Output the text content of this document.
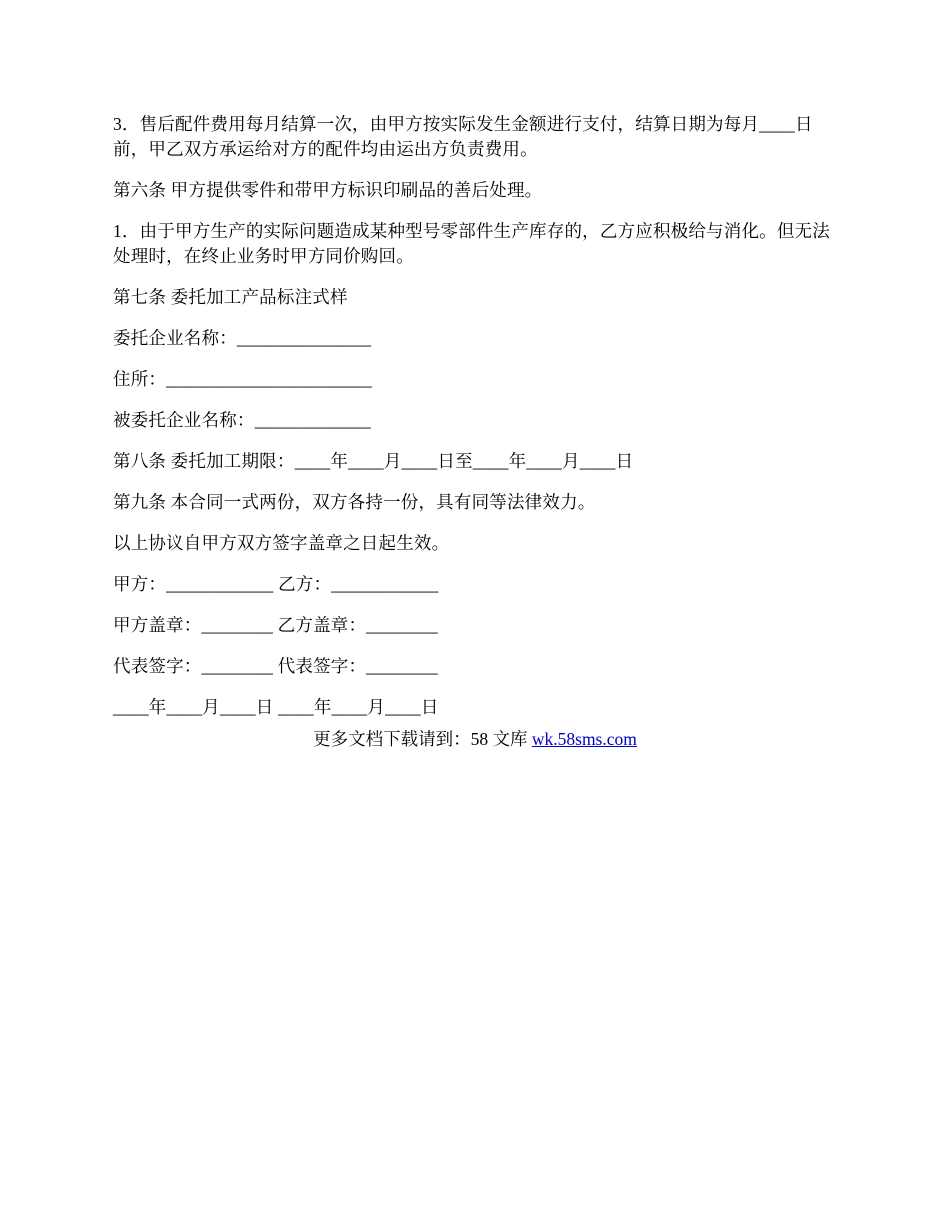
3．售后配件费用每月结算一次，由甲方按实际发生金额进行支付，结算日期为每月____日前，甲乙双方承运给对方的配件均由运出方负责费用。

第六条 甲方提供零件和带甲方标识印刷品的善后处理。

1．由于甲方生产的实际问题造成某种型号零部件生产库存的，乙方应积极给与消化。但无法处理时，在终止业务时甲方同价购回。

第七条 委托加工产品标注式样

委托企业名称：_______________

住所：_______________________

被委托企业名称：_____________

第八条 委托加工期限：____年____月____日至____年____月____日

第九条 本合同一式两份，双方各持一份，具有同等法律效力。

以上协议自甲方双方签字盖章之日起生效。

甲方：____________ 乙方：____________

甲方盖章：________ 乙方盖章：________

代表签字：________ 代表签字：________

____年____月____日 ____年____月____日

更多文档下载请到：58 文库 wk.58sms.com
